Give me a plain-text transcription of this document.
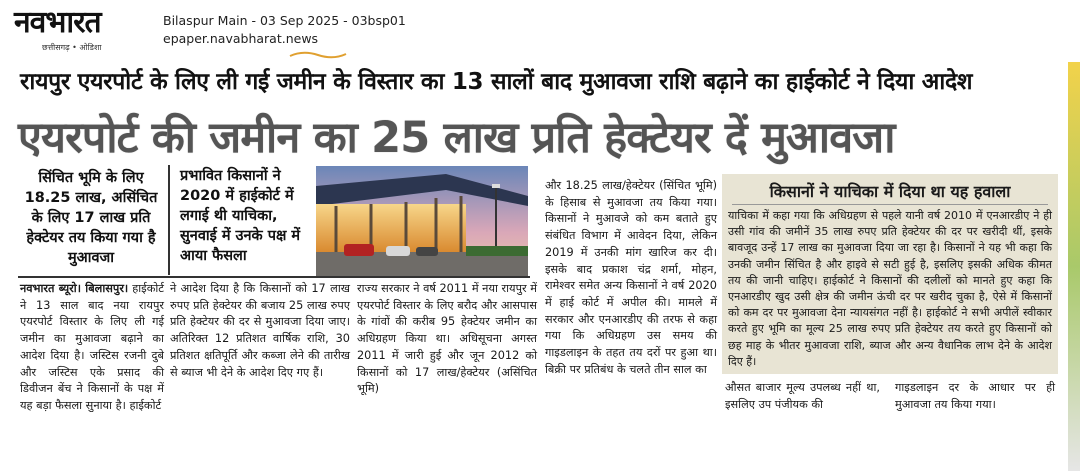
नवभारत
छत्तीसगढ़ • ओडिशा
Bilaspur Main - 03 Sep 2025 - 03bsp01
epaper.navabharat.news
रायपुर एयरपोर्ट के लिए ली गई जमीन के विस्तार का 13 सालों बाद मुआवजा राशि बढ़ाने का हाईकोर्ट ने दिया आदेश
एयरपोर्ट की जमीन का 25 लाख प्रति हेक्टेयर दें मुआवजा
सिंचित भूमि के लिए 18.25 लाख, असिंचित के लिए 17 लाख प्रति हेक्टेयर तय किया गया है मुआवजा
प्रभावित किसानों ने 2020 में हाईकोर्ट में लगाई थी याचिका, सुनवाई में उनके पक्ष में आया फैसला
नवभारत ब्यूरो। बिलासपुर। हाईकोर्ट ने 13 साल बाद नया रायपुर एयरपोर्ट विस्तार के लिए ली गई जमीन का मुआवजा बढ़ाने का आदेश दिया है। जस्टिस रजनी दुबे और जस्टिस एके प्रसाद की डिवीजन बेंच ने किसानों के पक्ष में यह बड़ा फैसला सुनाया है। हाईकोर्ट
ने आदेश दिया है कि किसानों को 17 लाख रुपए प्रति हेक्टेयर की बजाय 25 लाख रुपए प्रति हेक्टेयर की दर से मुआवजा दिया जाए। अतिरिक्त 12 प्रतिशत वार्षिक राशि, 30 प्रतिशत क्षतिपूर्ति और कब्जा लेने की तारीख से ब्याज भी देने के आदेश दिए गए हैं।
राज्य सरकार ने वर्ष 2011 में नया रायपुर में एयरपोर्ट विस्तार के लिए बरौद और आसपास के गांवों की करीब 95 हेक्टेयर जमीन का अधिग्रहण किया था। अधिसूचना अगस्त 2011 में जारी हुई और जून 2012 को किसानों को 17 लाख/हेक्टेयर (असिंचित भूमि)
और 18.25 लाख/हेक्टेयर (सिंचित भूमि) के हिसाब से मुआवजा तय किया गया। किसानों ने मुआवजे को कम बताते हुए संबंधित विभाग में आवेदन दिया, लेकिन 2019 में उनकी मांग खारिज कर दी। इसके बाद प्रकाश चंद्र शर्मा, मोहन, रामेश्वर समेत अन्य किसानों ने वर्ष 2020 में हाई कोर्ट में अपील की। मामले में सरकार और एनआरडीए की तरफ से कहा गया कि अधिग्रहण उस समय की गाइडलाइन के तहत तय दरों पर हुआ था। बिक्री पर प्रतिबंध के चलते तीन साल का
किसानों ने याचिका में दिया था यह हवाला
याचिका में कहा गया कि अधिग्रहण से पहले यानी वर्ष 2010 में एनआरडीए ने ही उसी गांव की जमीनें 35 लाख रुपए प्रति हेक्टेयर की दर पर खरीदी थीं, इसके बावजूद उन्हें 17 लाख का मुआवजा दिया जा रहा है। किसानों ने यह भी कहा कि उनकी जमीन सिंचित है और हाइवे से सटी हुई है, इसलिए इसकी अधिक कीमत तय की जानी चाहिए। हाईकोर्ट ने किसानों की दलीलों को मानते हुए कहा कि एनआरडीए खुद उसी क्षेत्र की जमीन ऊंची दर पर खरीद चुका है, ऐसे में किसानों को कम दर पर मुआवजा देना न्यायसंगत नहीं है। हाईकोर्ट ने सभी अपीलें स्वीकार करते हुए भूमि का मूल्य 25 लाख रुपए प्रति हेक्टेयर तय करते हुए किसानों को छह माह के भीतर मुआवजा राशि, ब्याज और अन्य वैधानिक लाभ देने के आदेश दिए हैं।
औसत बाजार मूल्य उपलब्ध नहीं था, इसलिए उप पंजीयक की
गाइडलाइन दर के आधार पर ही मुआवजा तय किया गया।
